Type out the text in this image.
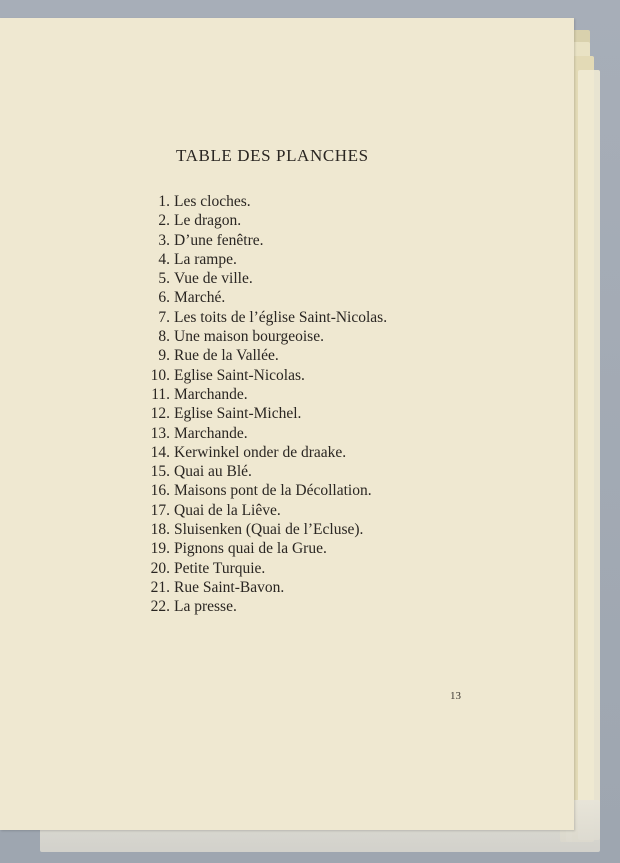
TABLE DES PLANCHES
1. Les cloches.
2. Le dragon.
3. D’une fenêtre.
4. La rampe.
5. Vue de ville.
6. Marché.
7. Les toits de l’église Saint-Nicolas.
8. Une maison bourgeoise.
9. Rue de la Vallée.
10. Eglise Saint-Nicolas.
11. Marchande.
12. Eglise Saint-Michel.
13. Marchande.
14. Kerwinkel onder de draake.
15. Quai au Blé.
16. Maisons pont de la Décollation.
17. Quai de la Liêve.
18. Sluisenken (Quai de l’Ecluse).
19. Pignons quai de la Grue.
20. Petite Turquie.
21. Rue Saint-Bavon.
22. La presse.
13
